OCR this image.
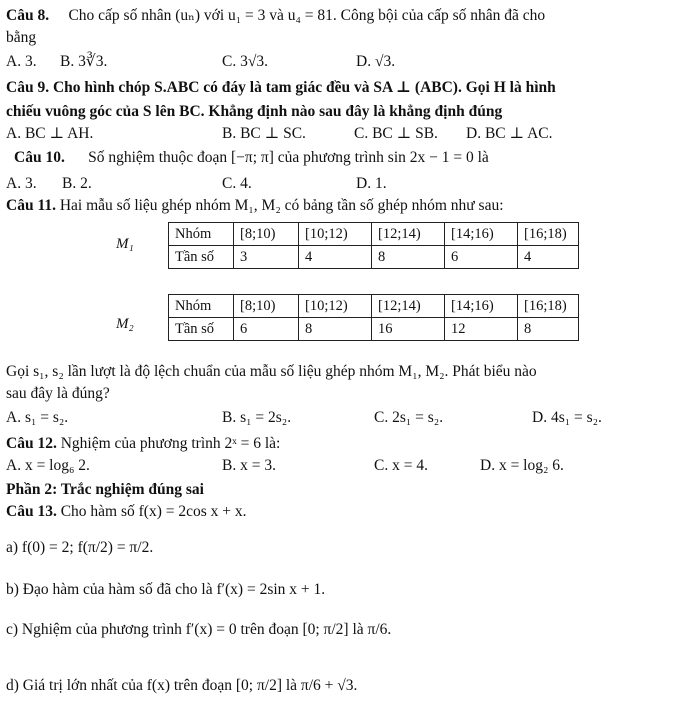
Câu 8. Cho cấp số nhân (uₙ) với u₁ = 3 và u₄ = 81. Công bội của cấp số nhân đã cho
bằng
A. 3. B. 3∛3.	C. 3√3.	D. √3.
Câu 9. Cho hình chóp S.ABC có đáy là tam giác đều và SA ⊥ (ABC). Gọi H là hình
chiếu vuông góc của S lên BC. Khẳng định nào sau đây là khẳng định đúng
A. BC ⊥ AH.	B. BC ⊥ SC.	C. BC ⊥ SB. D. BC ⊥ AC.
Câu 10. Số nghiệm thuộc đoạn [−π; π] của phương trình sin 2x − 1 = 0 là
A. 3. B. 2.	C. 4.	D. 1.
Câu 11. Hai mẫu số liệu ghép nhóm M₁, M₂ có bảng tần số ghép nhóm như sau:
M₁
Nhóm	[8;10)	[10;12)	[12;14)	[14;16)	[16;18)
Tần số	3	4	8	6	4
M₂
Nhóm	[8;10)	[10;12)	[12;14)	[14;16)	[16;18)
Tần số	6	8	16	12	8
Gọi s₁, s₂ lần lượt là độ lệch chuẩn của mẫu số liệu ghép nhóm M₁, M₂. Phát biểu nào
sau đây là đúng?
A. s₁ = s₂.	B. s₁ = 2s₂.	C. 2s₁ = s₂.	D. 4s₁ = s₂.
Câu 12. Nghiệm của phương trình 2ˣ = 6 là:
A. x = log₆ 2.	B. x = 3.	C. x = 4.	D. x = log₂ 6.
Phần 2: Trắc nghiệm đúng sai
Câu 13. Cho hàm số f(x) = 2cos x + x.
a) f(0) = 2; f(π/2) = π/2.
b) Đạo hàm của hàm số đã cho là f′(x) = 2sin x + 1.
c) Nghiệm của phương trình f′(x) = 0 trên đoạn [0; π/2] là π/6.
d) Giá trị lớn nhất của f(x) trên đoạn [0; π/2] là π/6 + √3.
